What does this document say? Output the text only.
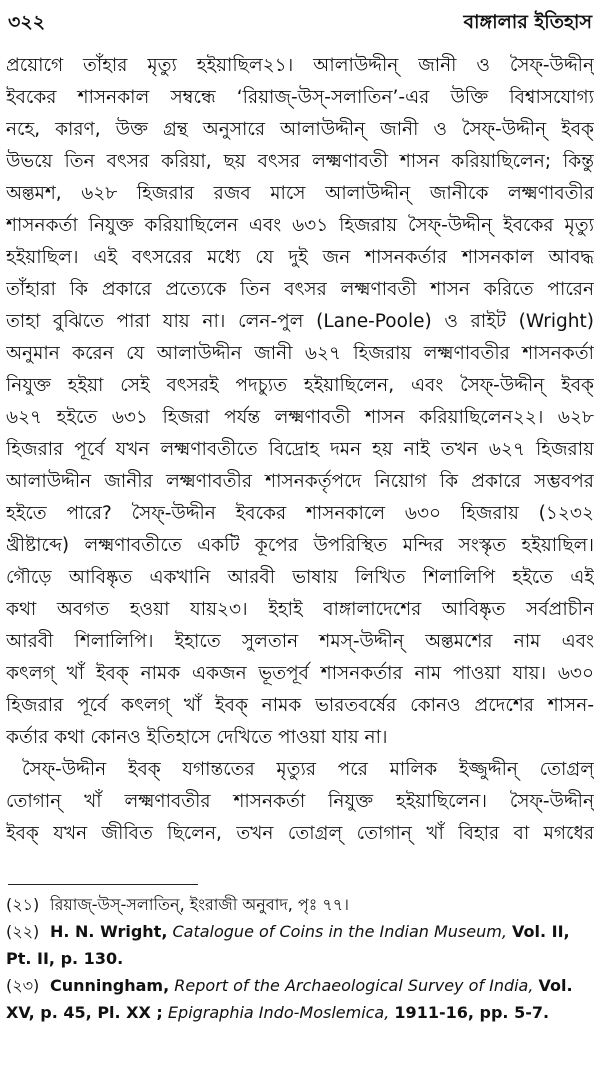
৩২২	বাঙ্গালার ইতিহাস
প্রয়োগে তাঁহার মৃত্যু হইয়াছিল২১। আলাউদ্দীন্ জানী ও সৈফ্-উদ্দীন্
ইবকের শাসনকাল সম্বন্ধে ‘রিয়াজ্-উস্-সলাতিন’-এর উক্তি বিশ্বাসযোগ্য
নহে, কারণ, উক্ত গ্রন্থ অনুসারে আলাউদ্দীন্ জানী ও সৈফ্-উদ্দীন্ ইবক্
উভয়ে তিন বৎসর করিয়া, ছয় বৎসর লক্ষ্মণাবতী শাসন করিয়াছিলেন; কিন্তু
অল্তমশ, ৬২৮ হিজরার রজব মাসে আলাউদ্দীন্ জানীকে লক্ষ্মণাবতীর
শাসনকর্তা নিযুক্ত করিয়াছিলেন এবং ৬৩১ হিজরায় সৈফ্-উদ্দীন্ ইবকের মৃত্যু
হইয়াছিল। এই বৎসরের মধ্যে যে দুই জন শাসনকর্তার শাসনকাল আবদ্ধ
তাঁহারা কি প্রকারে প্রত্যেকে তিন বৎসর লক্ষ্মণাবতী শাসন করিতে পারেন
তাহা বুঝিতে পারা যায় না। লেন-পুল (Lane-Poole) ও রাইট (Wright)
অনুমান করেন যে আলাউদ্দীন জানী ৬২৭ হিজরায় লক্ষ্মণাবতীর শাসনকর্তা
নিযুক্ত হইয়া সেই বৎসরই পদচ্যুত হইয়াছিলেন, এবং সৈফ্-উদ্দীন্ ইবক্
৬২৭ হইতে ৬৩১ হিজরা পর্যন্ত লক্ষ্মণাবতী শাসন করিয়াছিলেন২২। ৬২৮
হিজরার পূর্বে যখন লক্ষ্মণাবতীতে বিদ্রোহ দমন হয় নাই তখন ৬২৭ হিজরায়
আলাউদ্দীন জানীর লক্ষ্মণাবতীর শাসনকর্তৃপদে নিয়োগ কি প্রকারে সম্ভবপর
হইতে পারে? সৈফ্-উদ্দীন ইবকের শাসনকালে ৬৩০ হিজরায় (১২৩২
খ্রীষ্টাব্দে) লক্ষ্মণাবতীতে একটি কূপের উপরিস্থিত মন্দির সংস্কৃত হইয়াছিল।
গৌড়ে আবিষ্কৃত একখানি আরবী ভাষায় লিখিত শিলালিপি হইতে এই
কথা অবগত হওয়া যায়২৩। ইহাই বাঙ্গালাদেশের আবিষ্কৃত সর্বপ্রাচীন
আরবী শিলালিপি। ইহাতে সুলতান শমস্-উদ্দীন্ অল্তমশের নাম এবং
কৎলগ্ খাঁ ইবক্ নামক একজন ভূতপূর্ব শাসনকর্তার নাম পাওয়া যায়। ৬৩০
হিজরার পূর্বে কৎলগ্ খাঁ ইবক্ নামক ভারতবর্ষের কোনও প্রদেশের শাসন-
কর্তার কথা কোনও ইতিহাসে দেখিতে পাওয়া যায় না।
সৈফ্-উদ্দীন ইবক্ যগান্ততের মৃত্যুর পরে মালিক ইজ্জুদ্দীন্ তোগ্রল্
তোগান্ খাঁ লক্ষ্মণাবতীর শাসনকর্তা নিযুক্ত হইয়াছিলেন। সৈফ্-উদ্দীন্
ইবক্ যখন জীবিত ছিলেন, তখন তোগ্রল্ তোগান্ খাঁ বিহার বা মগধের
(২১) রিয়াজ্-উস্-সলাতিন্, ইংরাজী অনুবাদ, পৃঃ ৭৭।
(২২) H. N. Wright, Catalogue of Coins in the Indian Museum, Vol. II,
Pt. II, p. 130.
(২৩) Cunningham, Report of the Archaeological Survey of India, Vol.
XV, p. 45, Pl. XX ; Epigraphia Indo-Moslemica, 1911-16, pp. 5-7.
